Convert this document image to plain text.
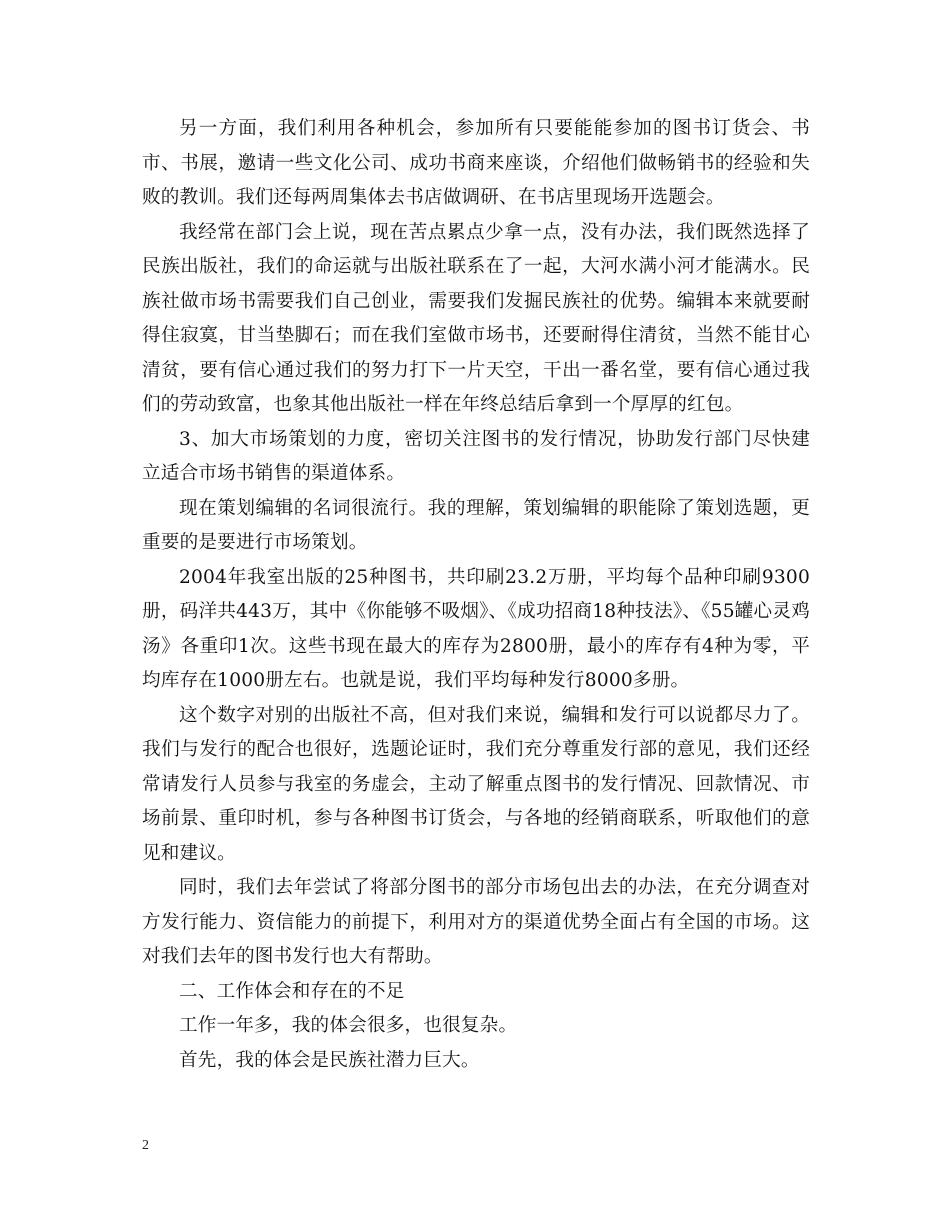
另一方面，我们利用各种机会，参加所有只要能能参加的图书订货会、书市、书展，邀请一些文化公司、成功书商来座谈，介绍他们做畅销书的经验和失败的教训。我们还每两周集体去书店做调研、在书店里现场开选题会。

我经常在部门会上说，现在苦点累点少拿一点，没有办法，我们既然选择了民族出版社，我们的命运就与出版社联系在了一起，大河水满小河才能满水。民族社做市场书需要我们自己创业，需要我们发掘民族社的优势。编辑本来就要耐得住寂寞，甘当垫脚石；而在我们室做市场书，还要耐得住清贫，当然不能甘心清贫，要有信心通过我们的努力打下一片天空，干出一番名堂，要有信心通过我们的劳动致富，也象其他出版社一样在年终总结后拿到一个厚厚的红包。

3、加大市场策划的力度，密切关注图书的发行情况，协助发行部门尽快建立适合市场书销售的渠道体系。

现在策划编辑的名词很流行。我的理解，策划编辑的职能除了策划选题，更重要的是要进行市场策划。

2004年我室出版的25种图书，共印刷23.2万册，平均每个品种印刷9300册，码洋共443万，其中《你能够不吸烟》、《成功招商18种技法》、《55罐心灵鸡汤》各重印1次。这些书现在最大的库存为2800册，最小的库存有4种为零，平均库存在1000册左右。也就是说，我们平均每种发行8000多册。

这个数字对别的出版社不高，但对我们来说，编辑和发行可以说都尽力了。我们与发行的配合也很好，选题论证时，我们充分尊重发行部的意见，我们还经常请发行人员参与我室的务虚会，主动了解重点图书的发行情况、回款情况、市场前景、重印时机，参与各种图书订货会，与各地的经销商联系，听取他们的意见和建议。

同时，我们去年尝试了将部分图书的部分市场包出去的办法，在充分调查对方发行能力、资信能力的前提下，利用对方的渠道优势全面占有全国的市场。这对我们去年的图书发行也大有帮助。

二、工作体会和存在的不足

工作一年多，我的体会很多，也很复杂。

首先，我的体会是民族社潜力巨大。

2
